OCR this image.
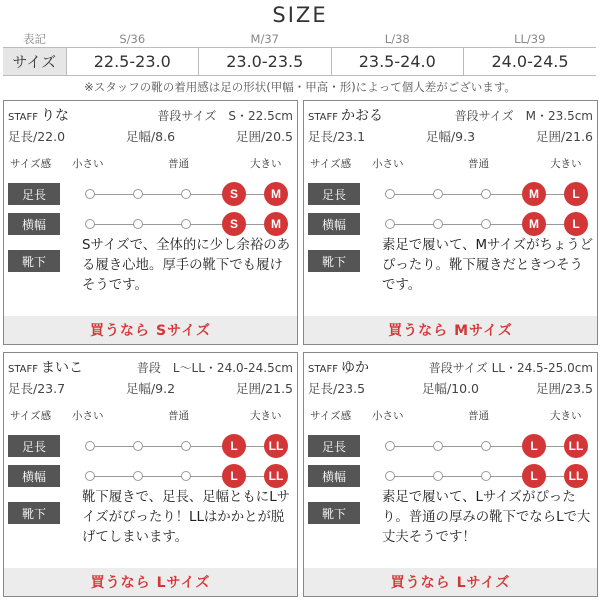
SIZE
表記	S/36	M/37	L/38	LL/39
サイズ	22.5-23.0	23.0-23.5	23.5-24.0	24.0-24.5
※スタッフの靴の着用感は足の形状(甲幅・甲高・形)によって個人差がございます。
STAFF りな	普段サイズ　S・22.5cm
足長/22.0	足幅/8.6	足囲/20.5
サイズ感 小さい	普通	大きい
足長	S	M
横幅	S	M
靴下
Sサイズで、全体的に少し余裕のある履き心地。厚手の靴下でも履けそうです。
買うなら Sサイズ
STAFF かおる	普段サイズ　M・23.5cm
足長/23.1	足幅/9.3	足囲/21.6
サイズ感 小さい	普通	大きい
足長	M	L
横幅	M	L
靴下
素足で履いて、Mサイズがちょうどぴったり。靴下履きだときつそうです。
買うなら Mサイズ
STAFF まいこ	普段　L〜LL・24.0-24.5cm
足長/23.7	足幅/9.2	足囲/21.5
サイズ感 小さい	普通	大きい
足長	L	LL
横幅	L	LL
靴下
靴下履きで、足長、足幅ともにLサイズがぴったり！LLはかかとが脱げてしまいます。
買うなら Lサイズ
STAFF ゆか	普段サイズ LL・24.5-25.0cm
足長/23.5	足幅/10.0	足囲/23.5
サイズ感 小さい	普通	大きい
足長	L	LL
横幅	L	LL
靴下
素足で履いて、Lサイズがぴったり。普通の厚みの靴下でならLで大丈夫そうです！
買うなら Lサイズ
